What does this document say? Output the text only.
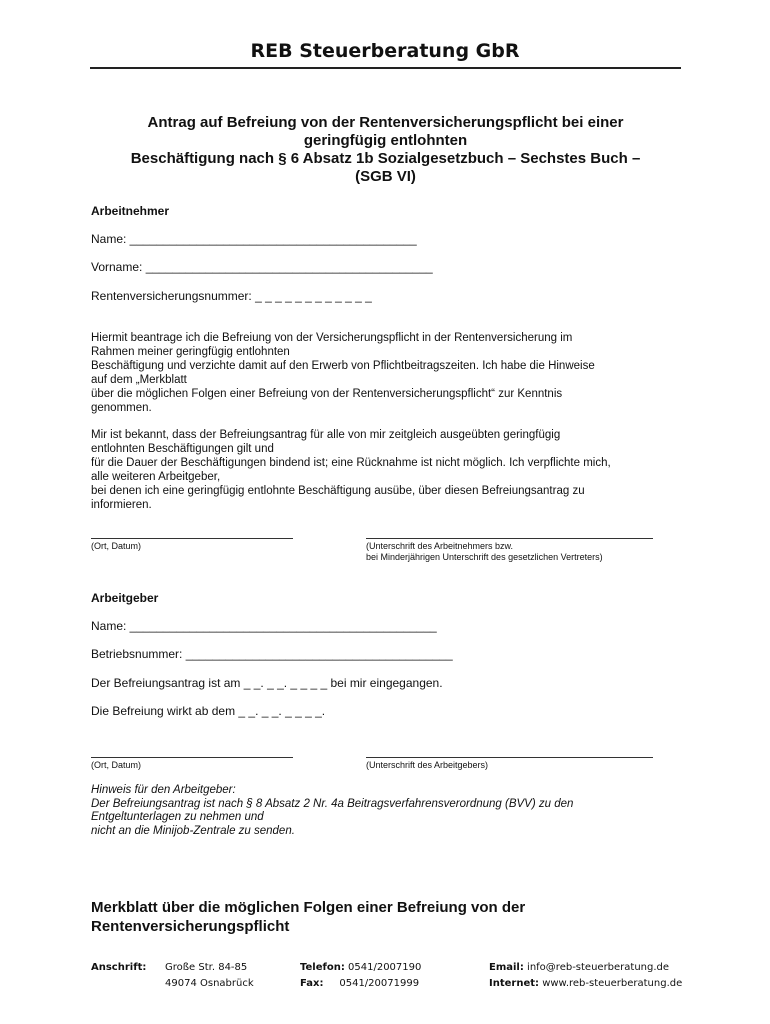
REB Steuerberatung GbR
Antrag auf Befreiung von der Rentenversicherungspflicht bei einer
geringfügig entlohnten
Beschäftigung nach § 6 Absatz 1b Sozialgesetzbuch – Sechstes Buch –
(SGB VI)
Arbeitnehmer
Name: ___________________________________________
Vorname: ___________________________________________
Rentenversicherungsnummer: _ _ _ _ _ _ _ _ _ _ _ _
Hiermit beantrage ich die Befreiung von der Versicherungspflicht in der Rentenversicherung im
Rahmen meiner geringfügig entlohnten
Beschäftigung und verzichte damit auf den Erwerb von Pflichtbeitragszeiten. Ich habe die Hinweise
auf dem „Merkblatt
über die möglichen Folgen einer Befreiung von der Rentenversicherungspflicht“ zur Kenntnis
genommen.
Mir ist bekannt, dass der Befreiungsantrag für alle von mir zeitgleich ausgeübten geringfügig
entlohnten Beschäftigungen gilt und
für die Dauer der Beschäftigungen bindend ist; eine Rücknahme ist nicht möglich. Ich verpflichte mich,
alle weiteren Arbeitgeber,
bei denen ich eine geringfügig entlohnte Beschäftigung ausübe, über diesen Befreiungsantrag zu
informieren.
(Ort, Datum)	(Unterschrift des Arbeitnehmers bzw.
bei Minderjährigen Unterschrift des gesetzlichen Vertreters)
Arbeitgeber
Name: ______________________________________________
Betriebsnummer: ________________________________________
Der Befreiungsantrag ist am _ _. _ _. _ _ _ _ bei mir eingegangen.
Die Befreiung wirkt ab dem _ _. _ _. _ _ _ _.
(Ort, Datum)	(Unterschrift des Arbeitgebers)
Hinweis für den Arbeitgeber:
Der Befreiungsantrag ist nach § 8 Absatz 2 Nr. 4a Beitragsverfahrensverordnung (BVV) zu den
Entgeltunterlagen zu nehmen und
nicht an die Minijob-Zentrale zu senden.
Merkblatt über die möglichen Folgen einer Befreiung von der
Rentenversicherungspflicht
Anschrift: Große Str. 84-85
49074 Osnabrück
Telefon: 0541/2007190
Fax: 0541/20071999
Email: info@reb-steuerberatung.de
Internet: www.reb-steuerberatung.de
